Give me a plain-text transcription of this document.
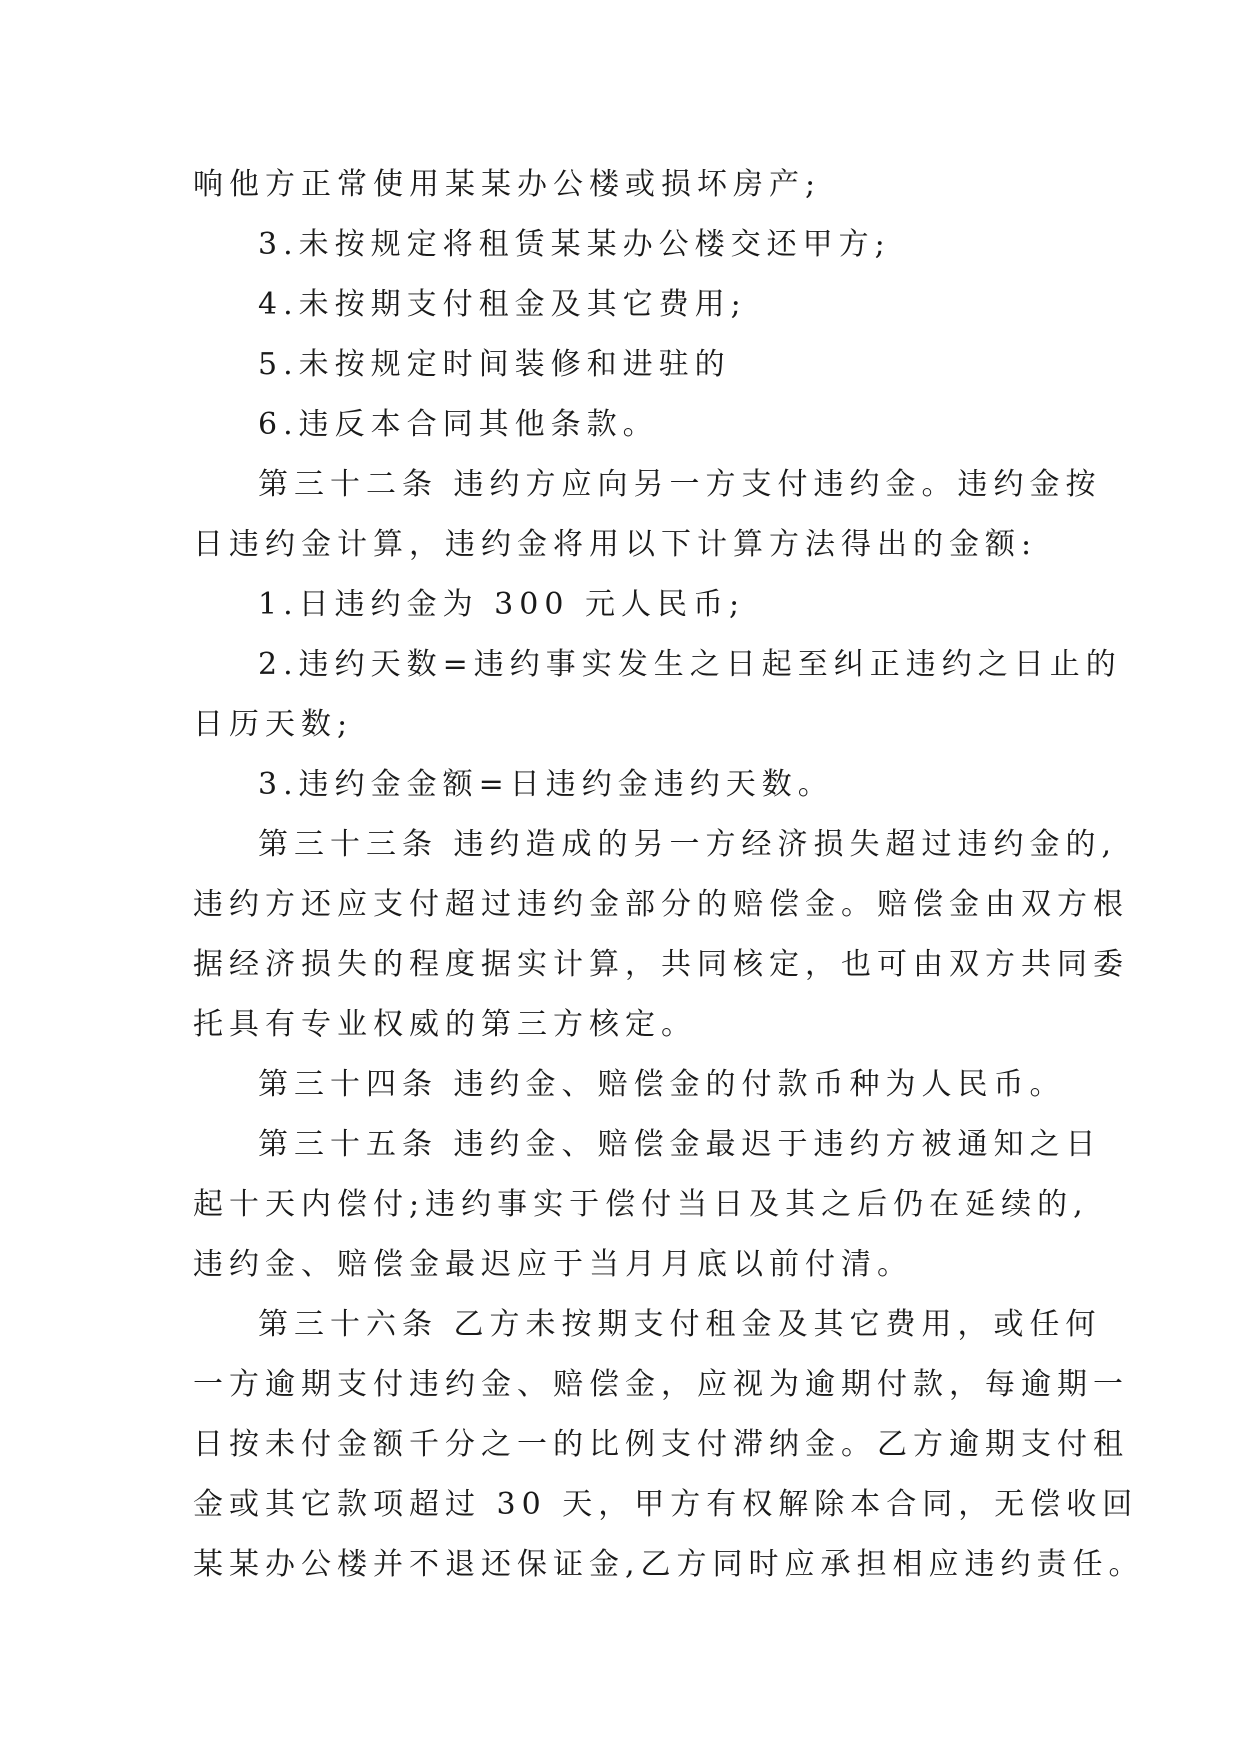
响他方正常使用某某办公楼或损坏房产;
3.未按规定将租赁某某办公楼交还甲方;
4.未按期支付租金及其它费用;
5.未按规定时间装修和进驻的
6.违反本合同其他条款。
第三十二条 违约方应向另一方支付违约金。违约金按
日违约金计算，违约金将用以下计算方法得出的金额:
1.日违约金为 300 元人民币;
2.违约天数=违约事实发生之日起至纠正违约之日止的
日历天数;
3.违约金金额=日违约金违约天数。
第三十三条 违约造成的另一方经济损失超过违约金的,
违约方还应支付超过违约金部分的赔偿金。赔偿金由双方根
据经济损失的程度据实计算，共同核定，也可由双方共同委
托具有专业权威的第三方核定。
第三十四条 违约金、赔偿金的付款币种为人民币。
第三十五条 违约金、赔偿金最迟于违约方被通知之日
起十天内偿付;违约事实于偿付当日及其之后仍在延续的,
违约金、赔偿金最迟应于当月月底以前付清。
第三十六条 乙方未按期支付租金及其它费用，或任何
一方逾期支付违约金、赔偿金，应视为逾期付款，每逾期一
日按未付金额千分之一的比例支付滞纳金。乙方逾期支付租
金或其它款项超过 30 天，甲方有权解除本合同，无偿收回
某某办公楼并不退还保证金,乙方同时应承担相应违约责任。
